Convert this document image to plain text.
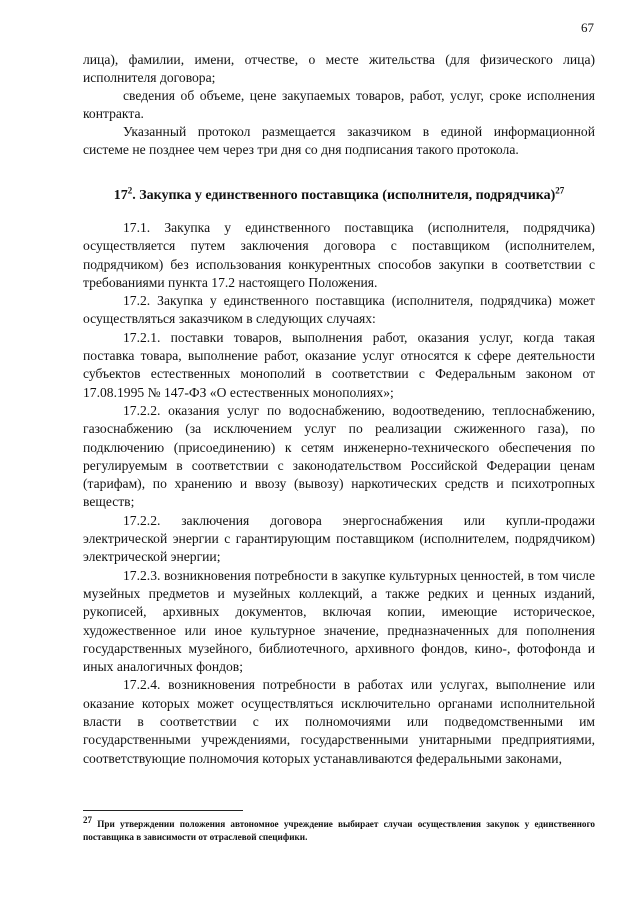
67

лица), фамилии, имени, отчестве, о месте жительства (для физического лица) исполнителя договора;

сведения об объеме, цене закупаемых товаров, работ, услуг, сроке исполнения контракта.

Указанный протокол размещается заказчиком в единой информационной системе не позднее чем через три дня со дня подписания такого протокола.

$17^2$. Закупка у единственного поставщика (исполнителя, подрядчика)$^{27}$

17.1. Закупка у единственного поставщика (исполнителя, подрядчика) осуществляется путем заключения договора с поставщиком (исполнителем, подрядчиком) без использования конкурентных способов закупки в соответствии с требованиями пункта 17.2 настоящего Положения.

17.2. Закупка у единственного поставщика (исполнителя, подрядчика) может осуществляться заказчиком в следующих случаях:

17.2.1. поставки товаров, выполнения работ, оказания услуг, когда такая поставка товара, выполнение работ, оказание услуг относятся к сфере деятельности субъектов естественных монополий в соответствии с Федеральным законом от 17.08.1995 № 147-ФЗ «О естественных монополиях»;

17.2.2. оказания услуг по водоснабжению, водоотведению, теплоснабжению, газоснабжению (за исключением услуг по реализации сжиженного газа), по подключению (присоединению) к сетям инженерно-технического обеспечения по регулируемым в соответствии с законодательством Российской Федерации ценам (тарифам), по хранению и ввозу (вывозу) наркотических средств и психотропных веществ;

17.2.2. заключения договора энергоснабжения или купли-продажи электрической энергии с гарантирующим поставщиком (исполнителем, подрядчиком) электрической энергии;

17.2.3. возникновения потребности в закупке культурных ценностей, в том числе музейных предметов и музейных коллекций, а также редких и ценных изданий, рукописей, архивных документов, включая копии, имеющие историческое, художественное или иное культурное значение, предназначенных для пополнения государственных музейного, библиотечного, архивного фондов, кино-, фотофонда и иных аналогичных фондов;

17.2.4. возникновения потребности в работах или услугах, выполнение или оказание которых может осуществляться исключительно органами исполнительной власти в соответствии с их полномочиями или подведомственными им государственными учреждениями, государственными унитарными предприятиями, соответствующие полномочия которых устанавливаются федеральными законами,

$^{27}$ При утверждении положения автономное учреждение выбирает случаи осуществления закупок у единственного поставщика в зависимости от отраслевой специфики.
